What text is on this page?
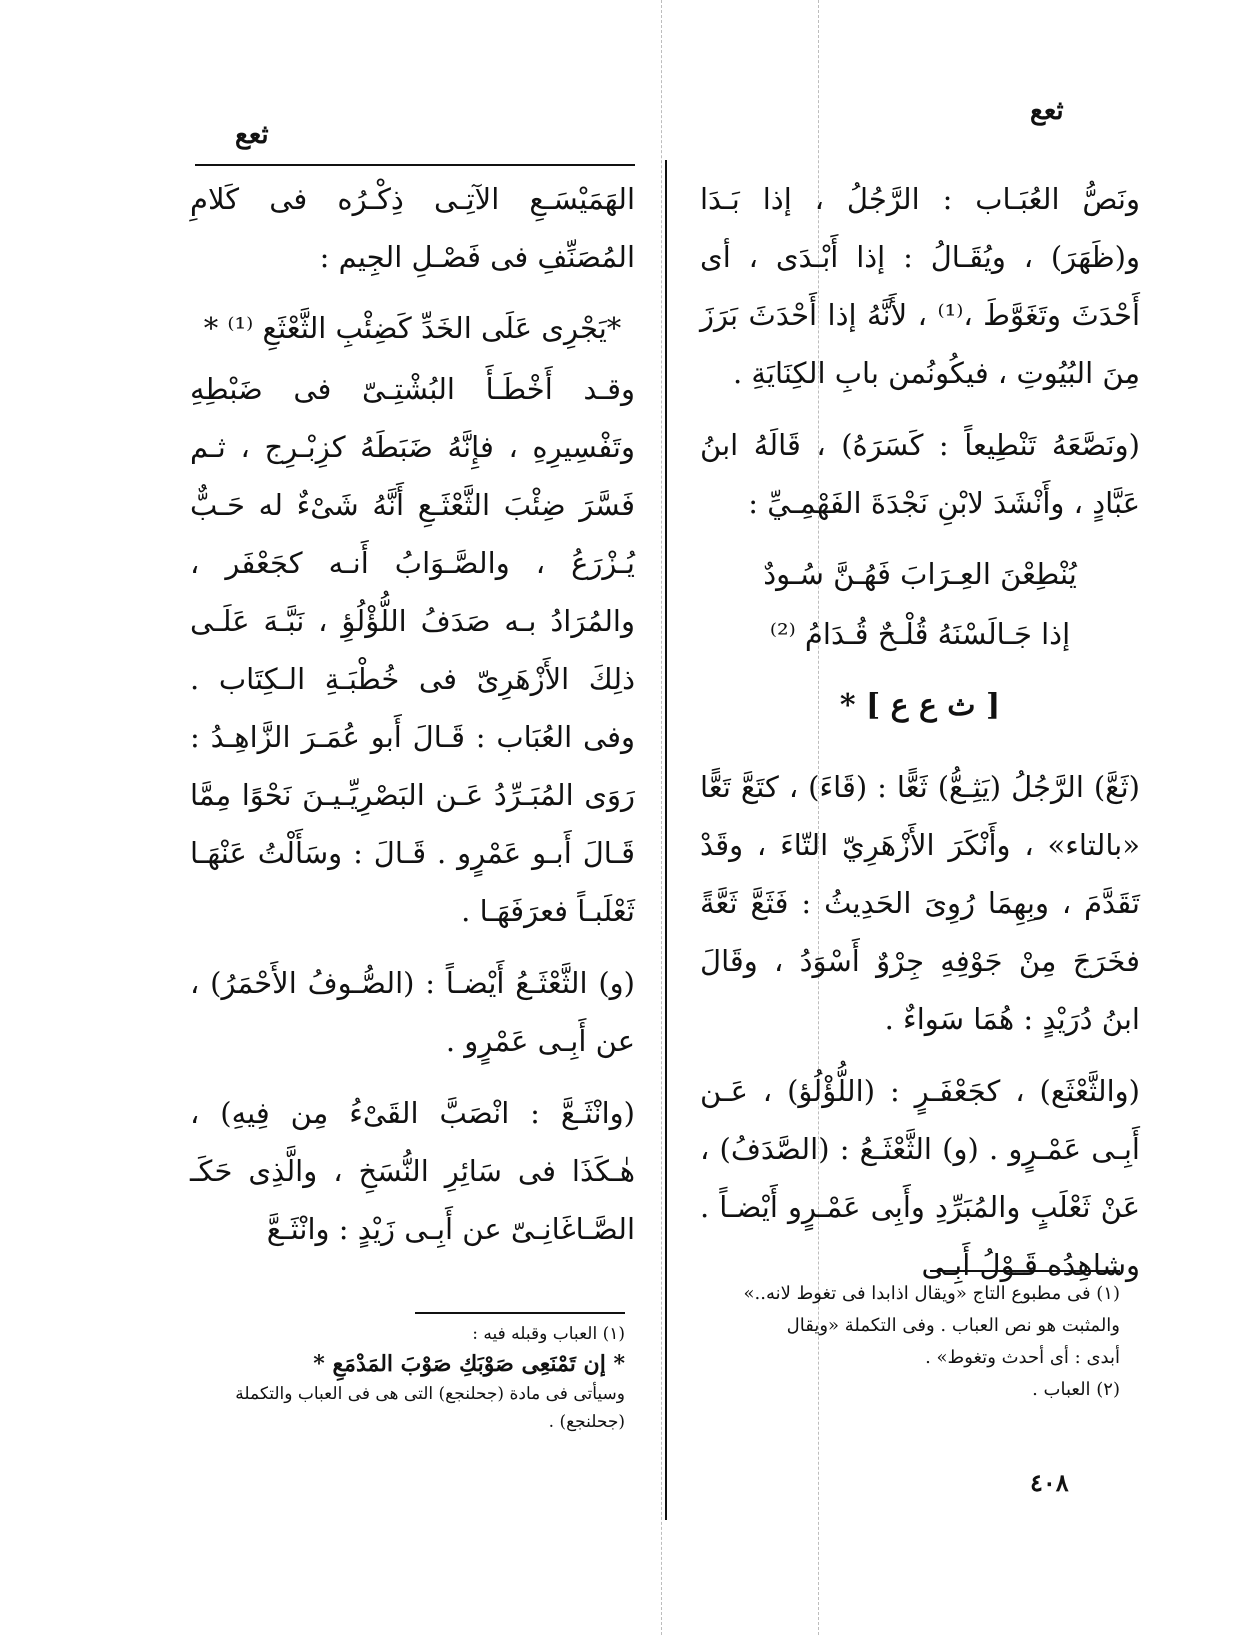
ثعع
ثعع

ونَصُّ العُبَـاب : الرَّجُلُ ، إذا بَـدَا و(ظَهَرَ) ، ويُقَـالُ : إذا أَبْـدَى ، أى أَحْدَثَ وتَغَوَّطَ ،⁽¹⁾ ، لأَنَّهُ إذا أَحْدَثَ بَرَزَ مِنَ البُيُوتِ ، فيكُونُمن بابِ الكِنَايَةِ .

(ونَصَّعَهُ تَنْطِيعاً : كَسَرَهُ) ، قَالَهُ ابنُ عَبَّادٍ ، وأَنْشَدَ لابْنِ نَجْدَةَ الفَهْمِـيِّ :

يُنْطِعْنَ العِـرَابَ فَهُـنَّ سُـودٌ

إذا جَـالَسْنَهُ قُلْـحٌ قُـدَامُ ⁽²⁾

[ ث ع ع ] *

(ثَعَّ) الرَّجُلُ (يَثِـعُّ) ثَعًّا : (قَاءَ) ، كتَعَّ تَعًّا «بالتاء» ، وأَنْكَرَ الأَزْهَرِيّ التّاءَ ، وقَدْ تَقَدَّمَ ، وبِهِمَا رُوِىَ الحَدِيثُ : فَثَعَّ ثَعَّةً فخَرَجَ مِنْ جَوْفِهِ جِرْوٌ أَسْوَدُ ، وقَالَ ابنُ دُرَيْدٍ : هُمَا سَواءٌ .

(والثَّعْثَع) ، كجَعْفَـرٍ : (اللُّؤْلُؤ) ، عَـن أَبِـى عَمْـرٍو . (و) الثَّعْثَـعُ : (الصَّدَفُ) ، عَنْ ثَعْلَبٍ والمُبَرِّدِ وأَبِى عَمْـرٍو أَيْضـاً . وشاهِدُه قَـوْلُ أَبِـى

الهَمَيْسَـعِ الآتِـى ذِكْـرُه فى كَلامِ المُصَنِّفِ فى فَصْـلِ الجِيم :

*يَجْرِى عَلَى الخَدِّ كَضِئْبِ الثَّعْثَعِ ⁽¹⁾ *

وقـد أَخْطَـأَ البُشْتِـىّ فى ضَبْطِهِ وتَفْسِيرِهِ ، فإِنَّهُ ضَبَطَهُ كزِبْـرِج ، ثـم فَسَّرَ ضِئْبَ الثَّعْثَـعِ أَنَّهُ شَىْءٌ له حَـبٌّ يُـزْرَعُ ، والصَّـوَابُ أَنـه كجَعْفَر ، والمُرَادُ بـه صَدَفُ اللُّؤْلُؤِ ، نَبَّـهَ عَلَـى ذلِكَ الأَزْهَرِىّ فى خُطْبَـةِ الـكِتَاب . وفى العُبَاب : قَـالَ أَبو عُمَـرَ الزَّاهِـدُ : رَوَى المُبَـرِّدُ عَـن البَصْرِيِّـيـنَ نَحْوًا مِمَّا قَـالَ أَبـو عَمْرٍو . قَـالَ : وسَأَلْتُ عَنْهَـا ثَعْلَبـاً فعرَفَهَـا .

(و) الثَّعْثَـعُ أَيْضـاً : (الصُّـوفُ الأَحْمَرُ) ، عن أَبِـى عَمْرٍو .

(وانْثَـعَّ : انْصَبَّ القَىْءُ مِن فِيهِ) ، هٰـكَذَا فى سَائِرِ النُّسَخِ ، والَّذِى حَكَـ الصَّـاغَانِـىّ عن أَبِـى زَيْدٍ : وانْثَـعَّ

(١) فى مطبوع التاج «ويقال اذابدا فى تغوط لانه..»

والمثبت هو نص العباب . وفى التكملة «ويقال

أبدى : أى أحدث وتغوط» .

(٢) العباب .

(١) العباب وقبله فيه :

* إن تَمْنَعِى صَوْبَكِ صَوْبَ المَدْمَعِ *

وسيأتى فى مادة (جحلنجع) التى هى فى العباب والتكملة

(جحلنجع) .

٤٠٨
